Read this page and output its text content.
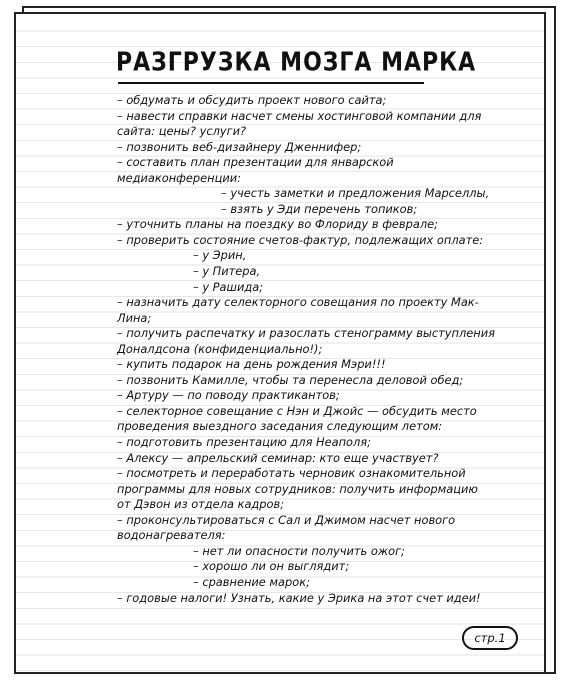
РАЗГРУЗКА МОЗГА МАРКА
– обдумать и обсудить проект нового сайта;
– навести справки насчет смены хостинговой компании для
сайта: цены? услуги?
– позвонить веб-дизайнеру Дженнифер;
– составить план презентации для январской
медиаконференции:
– учесть заметки и предложения Марселлы,
– взять у Эди перечень топиков;
– уточнить планы на поездку во Флориду в феврале;
– проверить состояние счетов-фактур, подлежащих оплате:
– у Эрин,
– у Питера,
– у Рашида;
– назначить дату селекторного совещания по проекту Мак-
Лина;
– получить распечатку и разослать стенограмму выступления
Доналдсона (конфиденциально!);
– купить подарок на день рождения Мэри!!!
– позвонить Камилле, чтобы та перенесла деловой обед;
– Артуру — по поводу практикантов;
– селекторное совещание с Нэн и Джойс — обсудить место
проведения выездного заседания следующим летом:
– подготовить презентацию для Неаполя;
– Алексу — апрельский семинар: кто еще участвует?
– посмотреть и переработать черновик ознакомительной
программы для новых сотрудников: получить информацию
от Дэвон из отдела кадров;
– проконсультироваться с Сал и Джимом насчет нового
водонагревателя:
– нет ли опасности получить ожог;
– хорошо ли он выглядит;
– сравнение марок;
– годовые налоги! Узнать, какие у Эрика на этот счет идеи!
стр.1
